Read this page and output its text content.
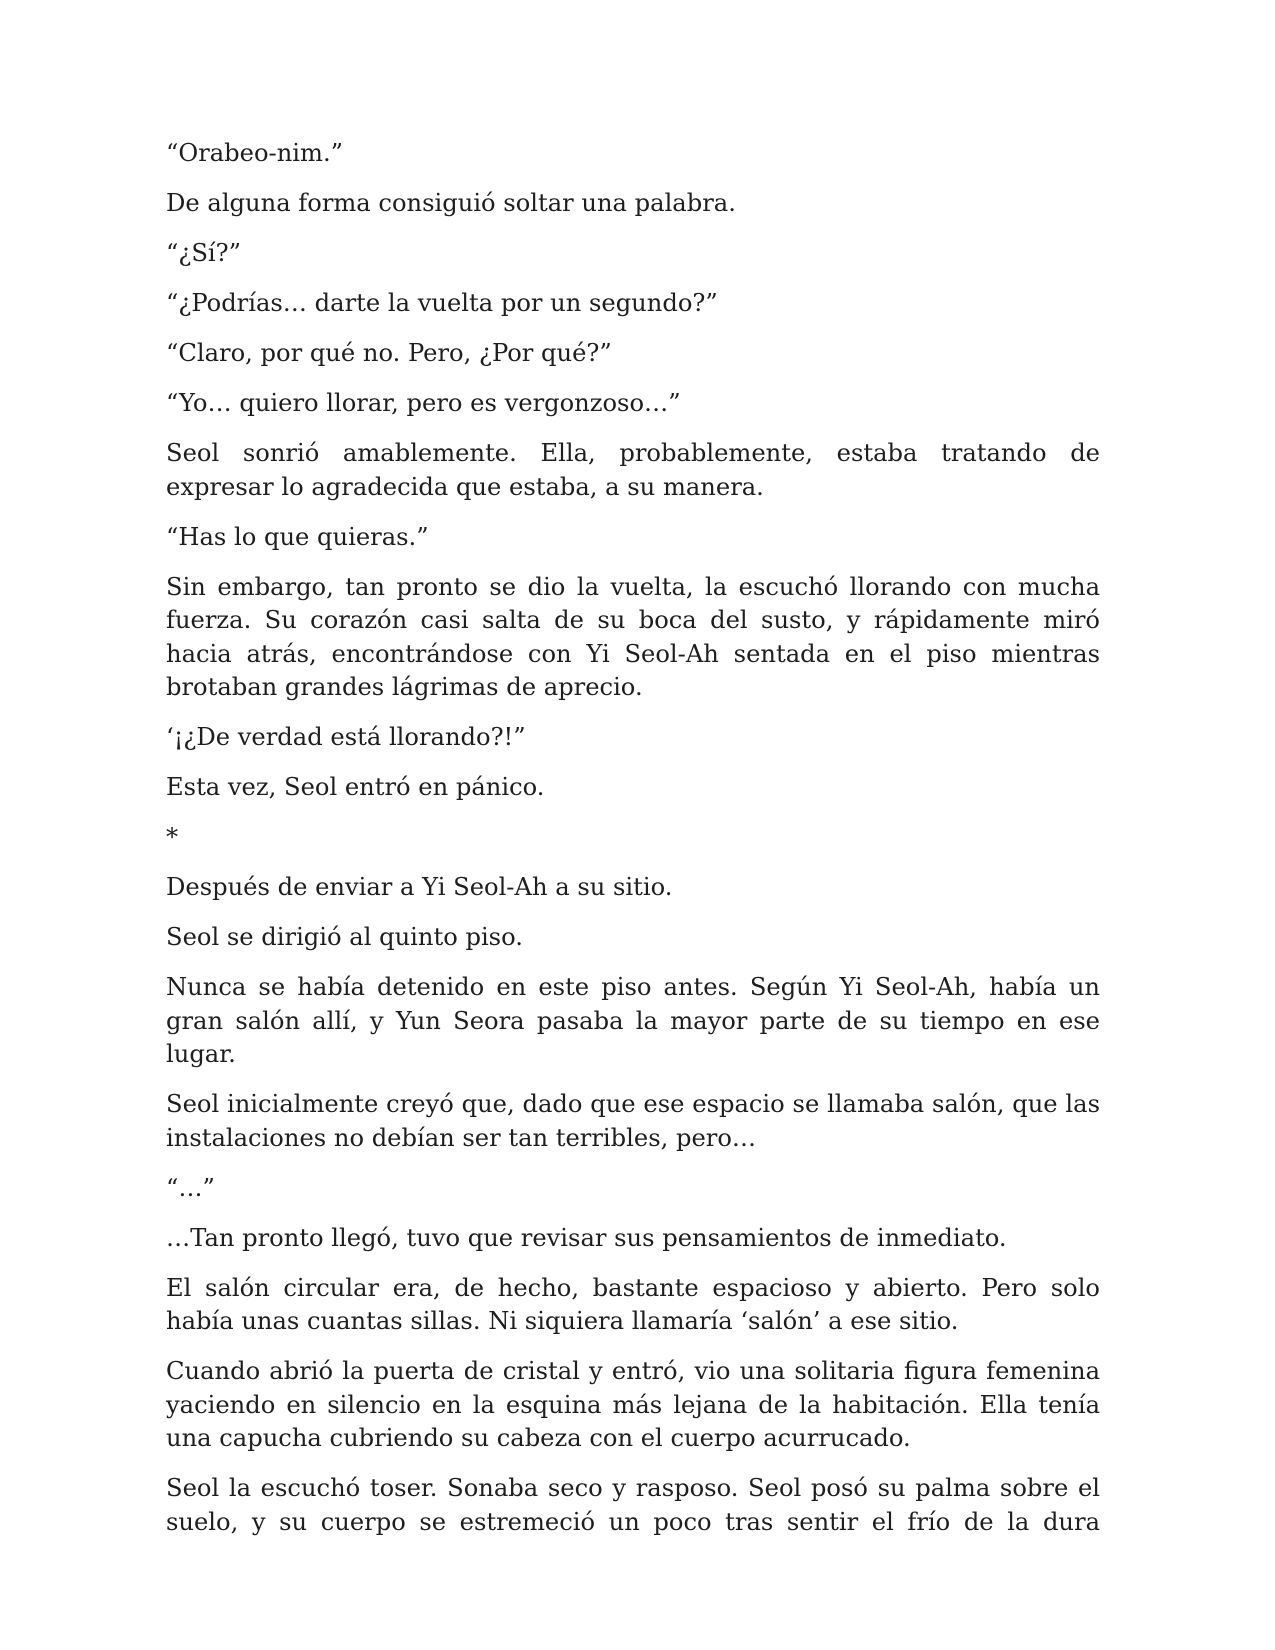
“Orabeo-nim.”

De alguna forma consiguió soltar una palabra.

“¿Sí?”

“¿Podrías… darte la vuelta por un segundo?”

“Claro, por qué no. Pero, ¿Por qué?”

“Yo… quiero llorar, pero es vergonzoso…”

Seol sonrió amablemente. Ella, probablemente, estaba tratando de expresar lo agradecida que estaba, a su manera.

“Has lo que quieras.”

Sin embargo, tan pronto se dio la vuelta, la escuchó llorando con mucha fuerza. Su corazón casi salta de su boca del susto, y rápidamente miró hacia atrás, encontrándose con Yi Seol-Ah sentada en el piso mientras brotaban grandes lágrimas de aprecio.

‘¡¿De verdad está llorando?!”

Esta vez, Seol entró en pánico.

*

Después de enviar a Yi Seol-Ah a su sitio.

Seol se dirigió al quinto piso.

Nunca se había detenido en este piso antes. Según Yi Seol-Ah, había un gran salón allí, y Yun Seora pasaba la mayor parte de su tiempo en ese lugar.

Seol inicialmente creyó que, dado que ese espacio se llamaba salón, que las instalaciones no debían ser tan terribles, pero…

“…”

…Tan pronto llegó, tuvo que revisar sus pensamientos de inmediato.

El salón circular era, de hecho, bastante espacioso y abierto. Pero solo había unas cuantas sillas. Ni siquiera llamaría ‘salón’ a ese sitio.

Cuando abrió la puerta de cristal y entró, vio una solitaria figura femenina yaciendo en silencio en la esquina más lejana de la habitación. Ella tenía una capucha cubriendo su cabeza con el cuerpo acurrucado.

Seol la escuchó toser. Sonaba seco y rasposo. Seol posó su palma sobre el suelo, y su cuerpo se estremeció un poco tras sentir el frío de la dura
